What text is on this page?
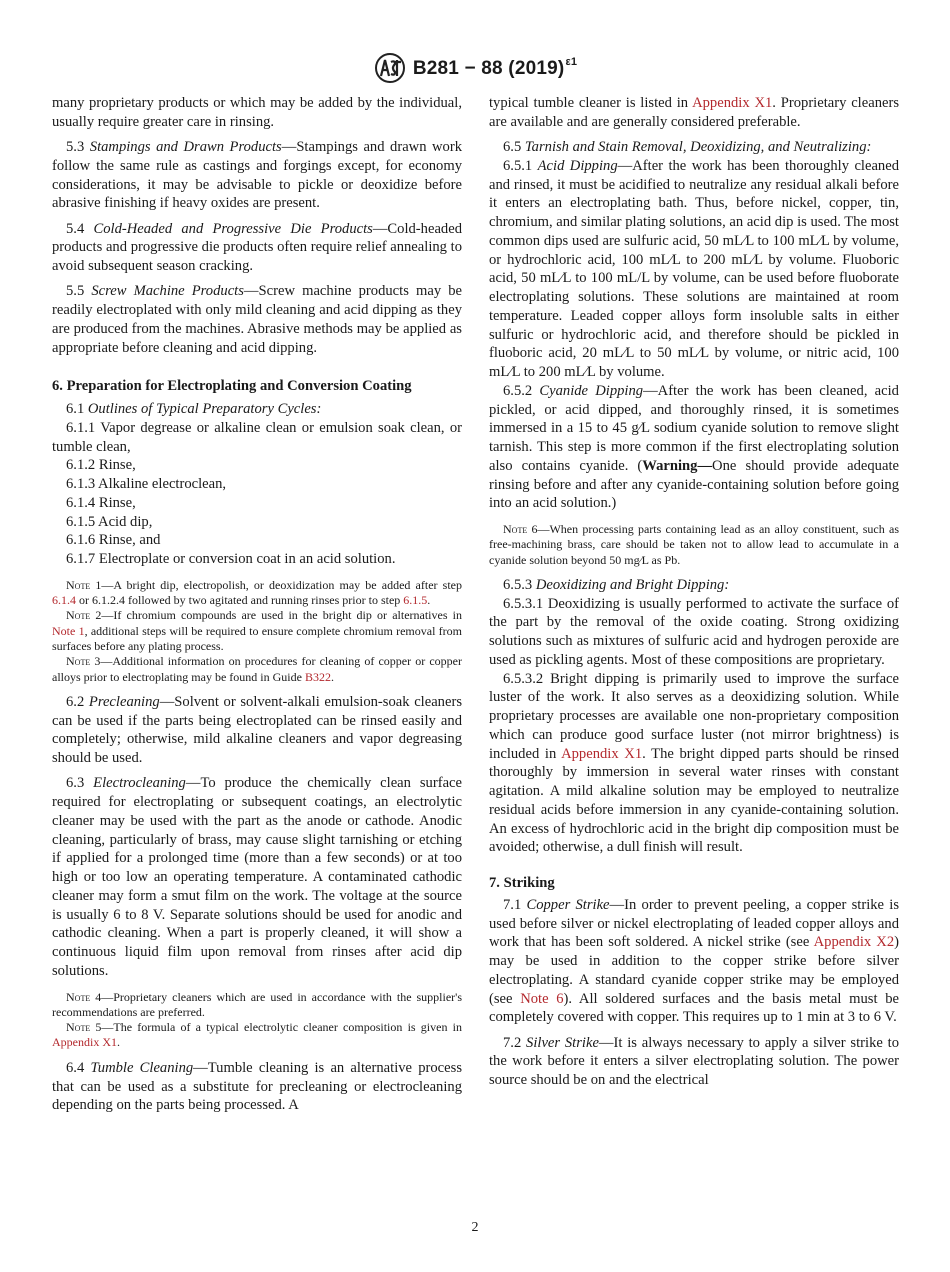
B281 − 88 $(2019)^{\varepsilon 1}$

many proprietary products or which may be added by the individual, usually require greater care in rinsing.

5.3 Stampings and Drawn Products—Stampings and drawn work follow the same rule as castings and forgings except, for economy considerations, it may be advisable to pickle or deoxidize before abrasive finishing if heavy oxides are present.

5.4 Cold-Headed and Progressive Die Products—Cold-headed products and progressive die products often require relief annealing to avoid subsequent season cracking.

5.5 Screw Machine Products—Screw machine products may be readily electroplated with only mild cleaning and acid dipping as they are produced from the machines. Abrasive methods may be applied as appropriate before cleaning and acid dipping.

6. Preparation for Electroplating and Conversion Coating

6.1 Outlines of Typical Preparatory Cycles:

6.1.1 Vapor degrease or alkaline clean or emulsion soak clean, or tumble clean,

6.1.2 Rinse,

6.1.3 Alkaline electroclean,

6.1.4 Rinse,

6.1.5 Acid dip,

6.1.6 Rinse, and

6.1.7 Electroplate or conversion coat in an acid solution.

Note 1—A bright dip, electropolish, or deoxidization may be added after step 6.1.4 or 6.1.2.4 followed by two agitated and running rinses prior to step 6.1.5.

Note 2—If chromium compounds are used in the bright dip or alternatives in Note 1, additional steps will be required to ensure complete chromium removal from surfaces before any plating process.

Note 3—Additional information on procedures for cleaning of copper or copper alloys prior to electroplating may be found in Guide B322.

6.2 Precleaning—Solvent or solvent-alkali emulsion-soak cleaners can be used if the parts being electroplated can be rinsed easily and completely; otherwise, mild alkaline cleaners and vapor degreasing should be used.

6.3 Electrocleaning—To produce the chemically clean surface required for electroplating or subsequent coatings, an electrolytic cleaner may be used with the part as the anode or cathode. Anodic cleaning, particularly of brass, may cause slight tarnishing or etching if applied for a prolonged time (more than a few seconds) or at too high or too low an operating temperature. A contaminated cathodic cleaner may form a smut film on the work. The voltage at the source is usually 6 to 8 V. Separate solutions should be used for anodic and cathodic cleaning. When a part is properly cleaned, it will show a continuous liquid film upon removal from rinses after acid dip solutions.

Note 4—Proprietary cleaners which are used in accordance with the supplier's recommendations are preferred.

Note 5—The formula of a typical electrolytic cleaner composition is given in Appendix X1.

6.4 Tumble Cleaning—Tumble cleaning is an alternative process that can be used as a substitute for precleaning or electrocleaning depending on the parts being processed. A

typical tumble cleaner is listed in Appendix X1. Proprietary cleaners are available and are generally considered preferable.

6.5 Tarnish and Stain Removal, Deoxidizing, and Neutralizing:

6.5.1 Acid Dipping—After the work has been thoroughly cleaned and rinsed, it must be acidified to neutralize any residual alkali before it enters an electroplating bath. Thus, before nickel, copper, tin, chromium, and similar plating solutions, an acid dip is used. The most common dips used are sulfuric acid, 50 mL⁄L to 100 mL⁄L by volume, or hydrochloric acid, 100 mL⁄L to 200 mL⁄L by volume. Fluoboric acid, 50 mL⁄L to 100 mL/L by volume, can be used before fluoborate electroplating solutions. These solutions are maintained at room temperature. Leaded copper alloys form insoluble salts in either sulfuric or hydrochloric acid, and therefore should be pickled in fluoboric acid, 20 mL⁄L to 50 mL⁄L by volume, or nitric acid, 100 mL⁄L to 200 mL⁄L by volume.

6.5.2 Cyanide Dipping—After the work has been cleaned, acid pickled, or acid dipped, and thoroughly rinsed, it is sometimes immersed in a 15 to 45 g⁄L sodium cyanide solution to remove slight tarnish. This step is more common if the first electroplating solution also contains cyanide. (Warning—One should provide adequate rinsing before and after any cyanide-containing solution before going into an acid solution.)

Note 6—When processing parts containing lead as an alloy constituent, such as free-machining brass, care should be taken not to allow lead to accumulate in a cyanide solution beyond 50 mg⁄L as Pb.

6.5.3 Deoxidizing and Bright Dipping:

6.5.3.1 Deoxidizing is usually performed to activate the surface of the part by the removal of the oxide coating. Strong oxidizing solutions such as mixtures of sulfuric acid and hydrogen peroxide are used as pickling agents. Most of these compositions are proprietary.

6.5.3.2 Bright dipping is primarily used to improve the surface luster of the work. It also serves as a deoxidizing solution. While proprietary processes are available one non-proprietary composition which can produce good surface luster (not mirror brightness) is included in Appendix X1. The bright dipped parts should be rinsed thoroughly by immersion in several water rinses with constant agitation. A mild alkaline solution may be employed to neutralize residual acids before immersion in any cyanide-containing solution. An excess of hydrochloric acid in the bright dip composition must be avoided; otherwise, a dull finish will result.

7. Striking

7.1 Copper Strike—In order to prevent peeling, a copper strike is used before silver or nickel electroplating of leaded copper alloys and work that has been soft soldered. A nickel strike (see Appendix X2) may be used in addition to the copper strike before silver electroplating. A standard cyanide copper strike may be employed (see Note 6). All soldered surfaces and the basis metal must be completely covered with copper. This requires up to 1 min at 3 to 6 V.

7.2 Silver Strike—It is always necessary to apply a silver strike to the work before it enters a silver electroplating solution. The power source should be on and the electrical

2
